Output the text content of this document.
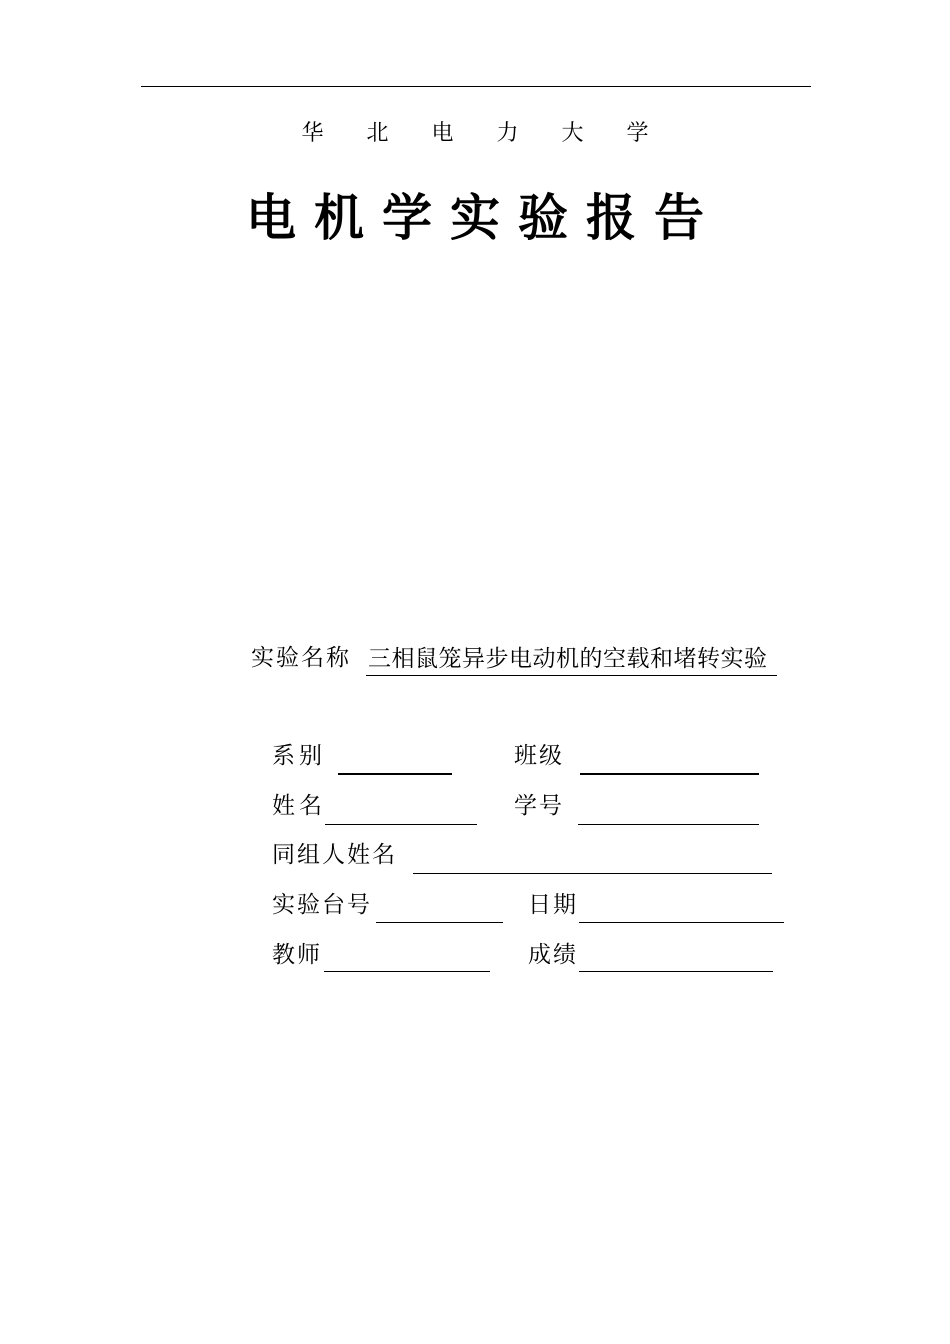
华 北 电 力 大 学
电机学实验报告
实验名称 三相鼠笼异步电动机的空载和堵转实验
系别	班级
姓名	学号
同组人姓名
实验台号	日期
教师	成绩
